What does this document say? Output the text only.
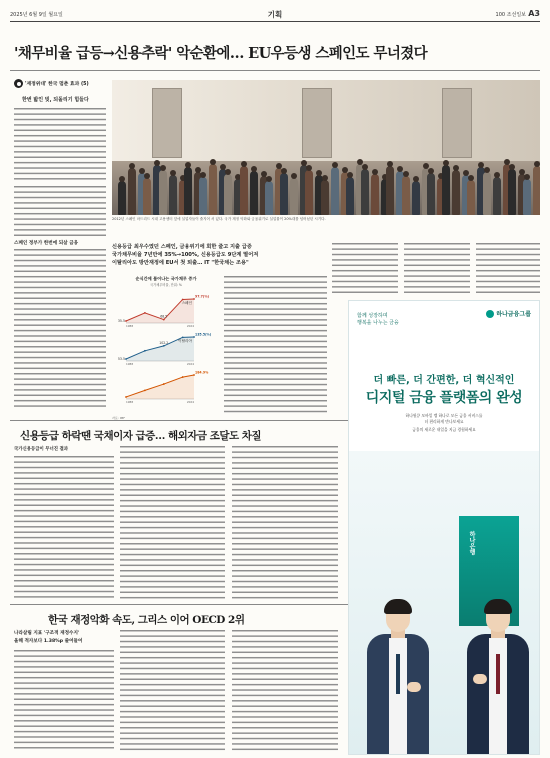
2025년 6월 9일 월요일	기획	100 조선일보 A3
'채무비율 급등→신용추락' 악순환에… EU우등생 스페인도 무너졌다
'재정위대' 한국 멈춘 효과 (5)
한번 밟인 빚, 되돌리기 힘들다
스페인 정부가 한번에 되살 금융
2012년 스페인 마드리드 시내 고용센터 앞에 실업자들이 줄지어 서 있다. 국가 재정 악화와 금융위기로 실업률이 20%대를 넘어섰던 시기다.
신용등급 최우수였던 스페인, 금융위기에 회한 줄고 지출 급증
국가채무비율 7년만에 35%→100%, 신용등급도 9단계 떨어져
이탈리아도 방만재정에 EU서 첫 퇴출… IT "한국채는 조용"
순식간에 불어나는 국가채무 증가
국가채무비율, 단위: %
35.5
68.5
97.7(%)
스페인
1988	2024
53.5
102.2
135.5(%)
이탈리아
1988	2024
184.9%
1988	2024
자료: IMF
신용등급 하락땐 국채이자 급증… 해외자금 조달도 차질
국가신용등급이 무너진 결과
한국 재정악화 속도, 그리스 이어 OECD 2위
나라살림 지표 '구조적 재정수지'
올해 적자보다 1.38%p 줄어들어
함께 성장하며
행복을 나누는 금융
하나금융그룹
더 빠른, 더 간편한, 더 혁신적인
디지털 금융 플랫폼의 완성
하나원큐 모바일 앱 하나로 모든 금융 서비스를
더 편리하게 만나보세요
금융의 새로운 내일을 지금 경험하세요
하나은행
